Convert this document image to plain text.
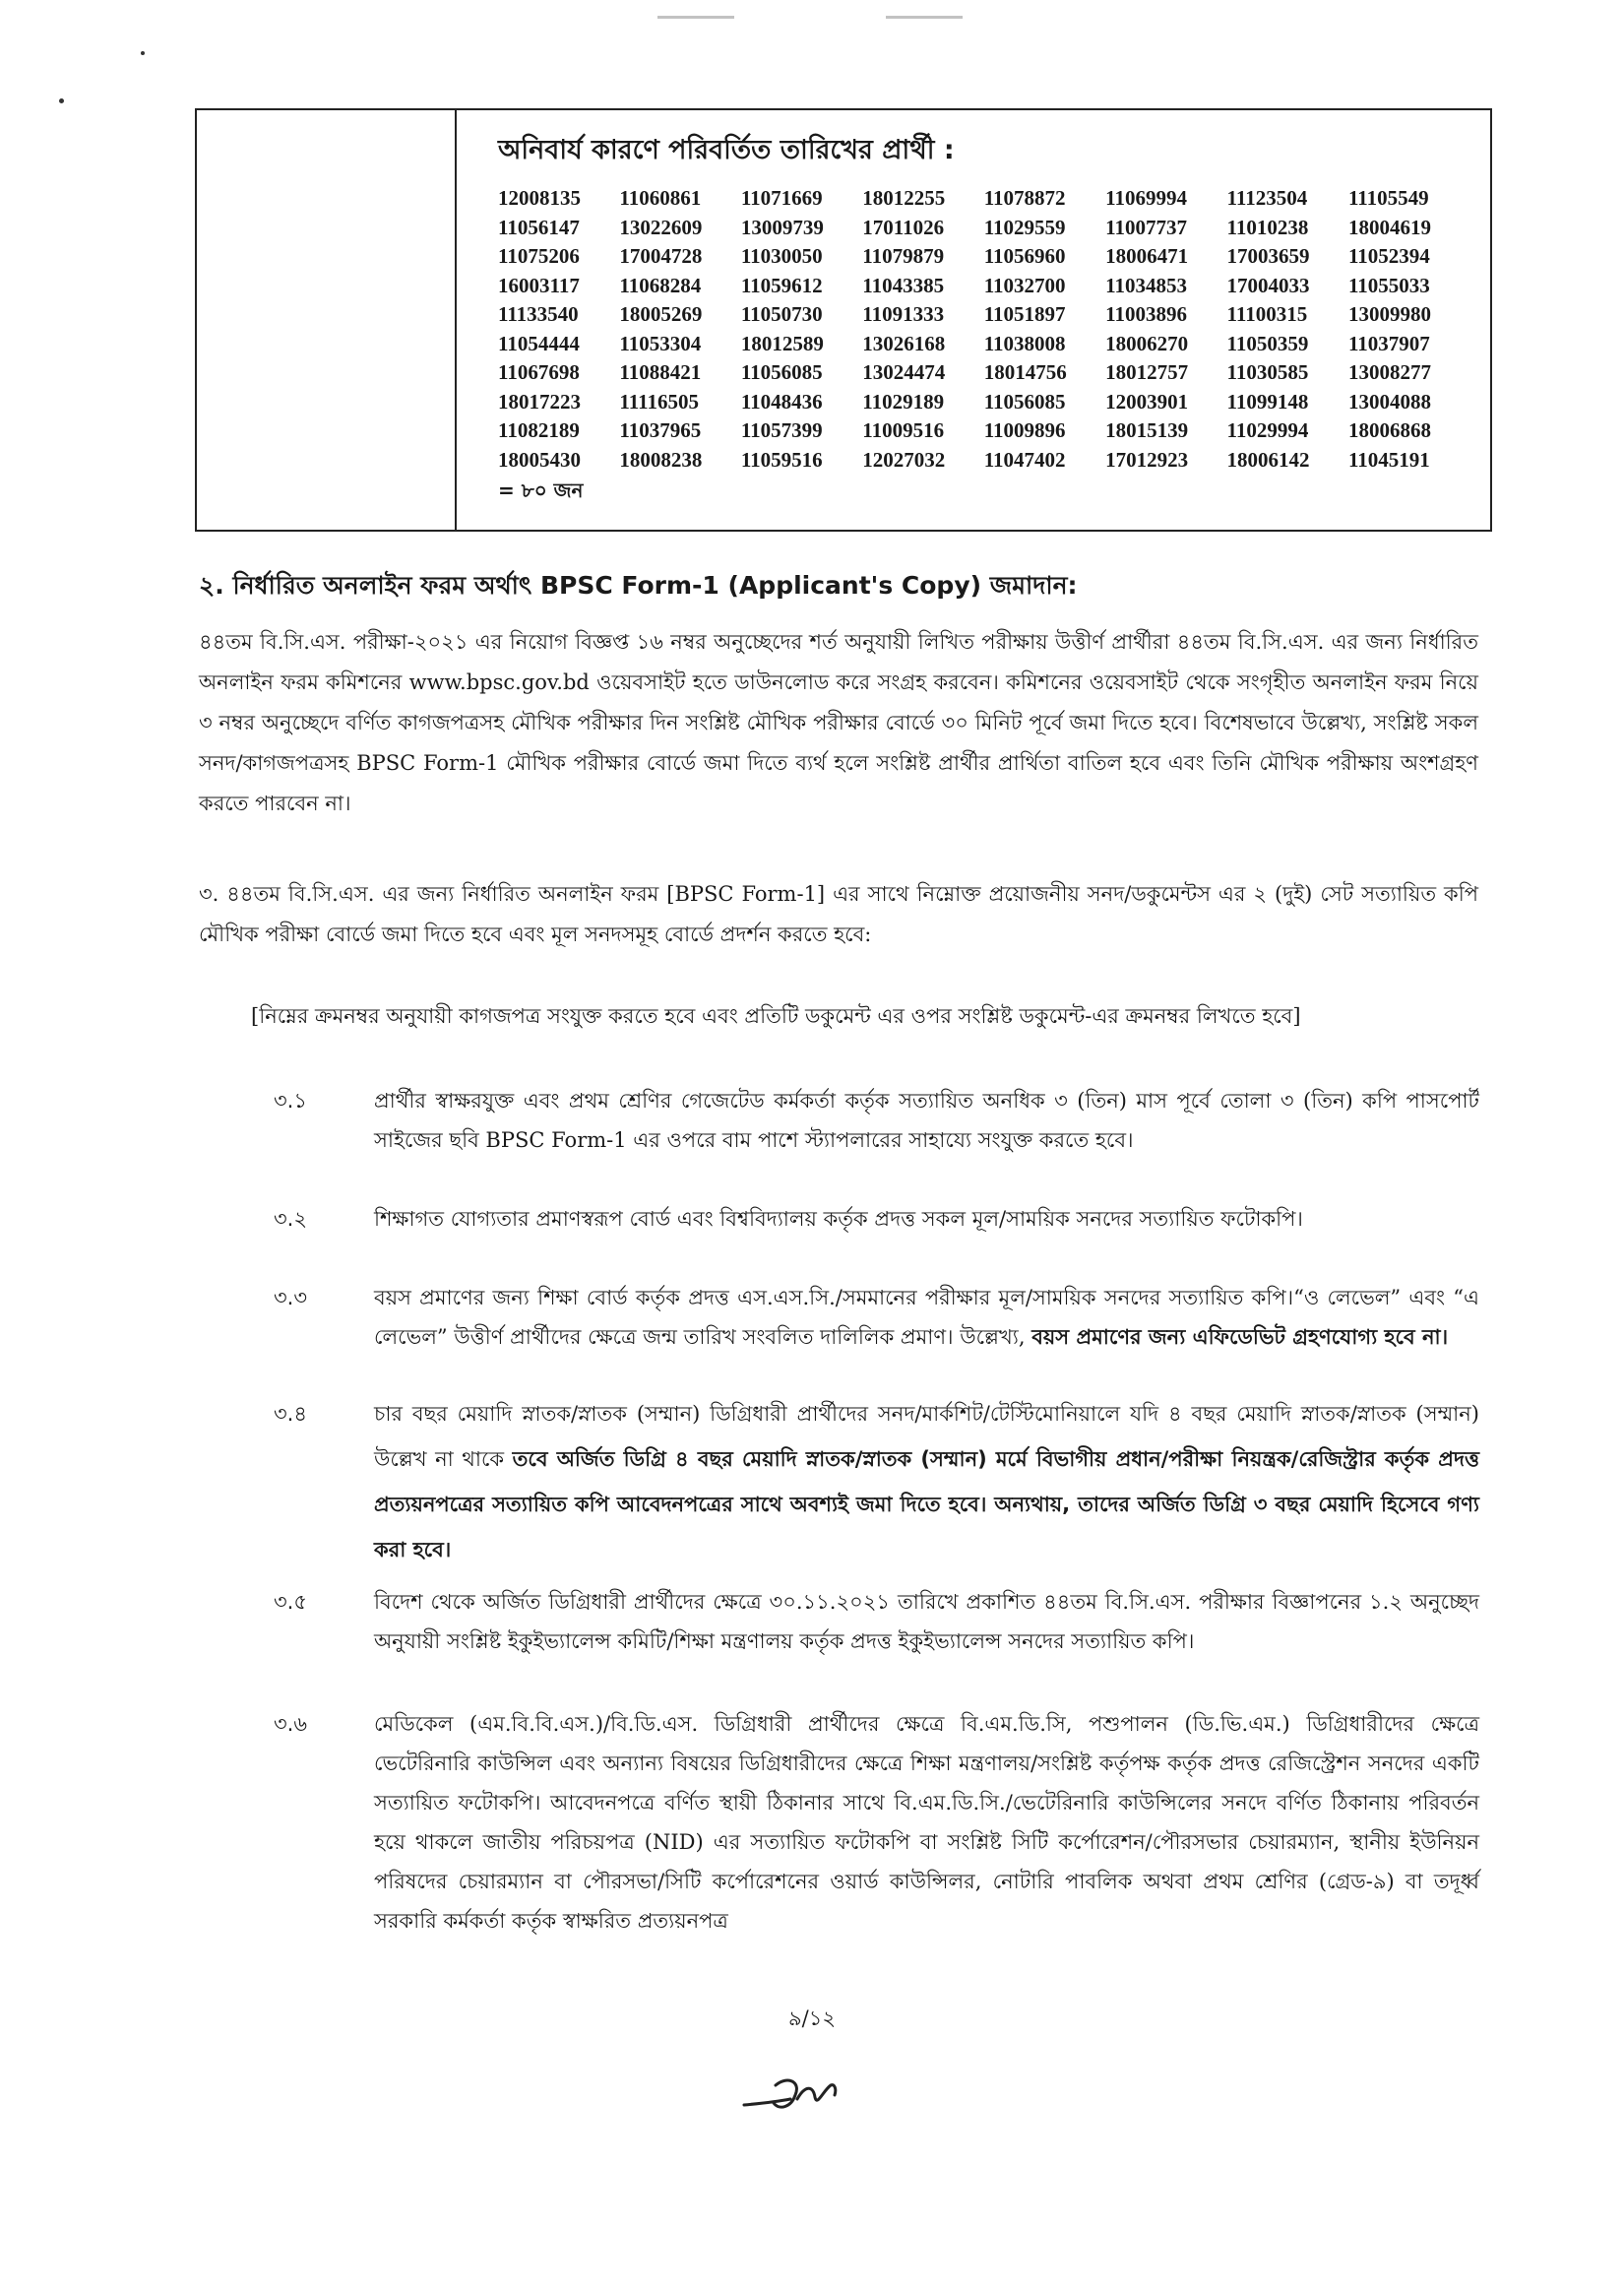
অনিবার্য কারণে পরিবর্তিত তারিখের প্রার্থী :
12008135 11060861 11071669 18012255 11078872 11069994 11123504 11105549
11056147 13022609 13009739 17011026 11029559 11007737 11010238 18004619
11075206 17004728 11030050 11079879 11056960 18006471 17003659 11052394
16003117 11068284 11059612 11043385 11032700 11034853 17004033 11055033
11133540 18005269 11050730 11091333 11051897 11003896 11100315 13009980
11054444 11053304 18012589 13026168 11038008 18006270 11050359 11037907
11067698 11088421 11056085 13024474 18014756 18012757 11030585 13008277
18017223 11116505 11048436 11029189 11056085 12003901 11099148 13004088
11082189 11037965 11057399 11009516 11009896 18015139 11029994 18006868
18005430 18008238 11059516 12027032 11047402 17012923 18006142 11045191
= ৮০ জন
২. নির্ধারিত অনলাইন ফরম অর্থাৎ BPSC Form-1 (Applicant's Copy) জমাদান:
৪৪তম বি.সি.এস. পরীক্ষা-২০২১ এর নিয়োগ বিজ্ঞপ্ত ১৬ নম্বর অনুচ্ছেদের শর্ত অনুযায়ী লিখিত পরীক্ষায় উত্তীর্ণ প্রার্থীরা ৪৪তম বি.সি.এস. এর জন্য নির্ধারিত অনলাইন ফরম কমিশনের www.bpsc.gov.bd ওয়েবসাইট হতে ডাউনলোড করে সংগ্রহ করবেন। কমিশনের ওয়েবসাইট থেকে সংগৃহীত অনলাইন ফরম নিয়ে ৩ নম্বর অনুচ্ছেদে বর্ণিত কাগজপত্রসহ মৌখিক পরীক্ষার দিন সংশ্লিষ্ট মৌখিক পরীক্ষার বোর্ডে ৩০ মিনিট পূর্বে জমা দিতে হবে। বিশেষভাবে উল্লেখ্য, সংশ্লিষ্ট সকল সনদ/কাগজপত্রসহ BPSC Form-1 মৌখিক পরীক্ষার বোর্ডে জমা দিতে ব্যর্থ হলে সংশ্লিষ্ট প্রার্থীর প্রার্থিতা বাতিল হবে এবং তিনি মৌখিক পরীক্ষায় অংশগ্রহণ করতে পারবেন না।
৩. ৪৪তম বি.সি.এস. এর জন্য নির্ধারিত অনলাইন ফরম [BPSC Form-1] এর সাথে নিম্নোক্ত প্রয়োজনীয় সনদ/ডকুমেন্টস এর ২ (দুই) সেট সত্যায়িত কপি মৌখিক পরীক্ষা বোর্ডে জমা দিতে হবে এবং মূল সনদসমূহ বোর্ডে প্রদর্শন করতে হবে:
[নিম্নের ক্রমনম্বর অনুযায়ী কাগজপত্র সংযুক্ত করতে হবে এবং প্রতিটি ডকুমেন্ট এর ওপর সংশ্লিষ্ট ডকুমেন্ট-এর ক্রমনম্বর লিখতে হবে]
৩.১	প্রার্থীর স্বাক্ষরযুক্ত এবং প্রথম শ্রেণির গেজেটেড কর্মকর্তা কর্তৃক সত্যায়িত অনধিক ৩ (তিন) মাস পূর্বে তোলা ৩ (তিন) কপি পাসপোর্ট সাইজের ছবি BPSC Form-1 এর ওপরে বাম পাশে স্ট্যাপলারের সাহায্যে সংযুক্ত করতে হবে।
৩.২	শিক্ষাগত যোগ্যতার প্রমাণস্বরূপ বোর্ড এবং বিশ্ববিদ্যালয় কর্তৃক প্রদত্ত সকল মূল/সাময়িক সনদের সত্যায়িত ফটোকপি।
৩.৩	বয়স প্রমাণের জন্য শিক্ষা বোর্ড কর্তৃক প্রদত্ত এস.এস.সি./সমমানের পরীক্ষার মূল/সাময়িক সনদের সত্যায়িত কপি।“ও লেভেল” এবং “এ লেভেল” উত্তীর্ণ প্রার্থীদের ক্ষেত্রে জন্ম তারিখ সংবলিত দালিলিক প্রমাণ। উল্লেখ্য, বয়স প্রমাণের জন্য এফিডেভিট গ্রহণযোগ্য হবে না।
৩.৪	চার বছর মেয়াদি স্নাতক/স্নাতক (সম্মান) ডিগ্রিধারী প্রার্থীদের সনদ/মার্কশিট/টেস্টিমোনিয়ালে যদি ৪ বছর মেয়াদি স্নাতক/স্নাতক (সম্মান) উল্লেখ না থাকে তবে অর্জিত ডিগ্রি ৪ বছর মেয়াদি স্নাতক/স্নাতক (সম্মান) মর্মে বিভাগীয় প্রধান/পরীক্ষা নিয়ন্ত্রক/রেজিস্ট্রার কর্তৃক প্রদত্ত প্রত্যয়নপত্রের সত্যায়িত কপি আবেদনপত্রের সাথে অবশ্যই জমা দিতে হবে। অন্যথায়, তাদের অর্জিত ডিগ্রি ৩ বছর মেয়াদি হিসেবে গণ্য করা হবে।
৩.৫	বিদেশ থেকে অর্জিত ডিগ্রিধারী প্রার্থীদের ক্ষেত্রে ৩০.১১.২০২১ তারিখে প্রকাশিত ৪৪তম বি.সি.এস. পরীক্ষার বিজ্ঞাপনের ১.২ অনুচ্ছেদ অনুযায়ী সংশ্লিষ্ট ইকুইভ্যালেন্স কমিটি/শিক্ষা মন্ত্রণালয় কর্তৃক প্রদত্ত ইকুইভ্যালেন্স সনদের সত্যায়িত কপি।
৩.৬	মেডিকেল (এম.বি.বি.এস.)/বি.ডি.এস. ডিগ্রিধারী প্রার্থীদের ক্ষেত্রে বি.এম.ডি.সি, পশুপালন (ডি.ভি.এম.) ডিগ্রিধারীদের ক্ষেত্রে ভেটেরিনারি কাউন্সিল এবং অন্যান্য বিষয়ের ডিগ্রিধারীদের ক্ষেত্রে শিক্ষা মন্ত্রণালয়/সংশ্লিষ্ট কর্তৃপক্ষ কর্তৃক প্রদত্ত রেজিস্ট্রেশন সনদের একটি সত্যায়িত ফটোকপি। আবেদনপত্রে বর্ণিত স্থায়ী ঠিকানার সাথে বি.এম.ডি.সি./ভেটেরিনারি কাউন্সিলের সনদে বর্ণিত ঠিকানায় পরিবর্তন হয়ে থাকলে জাতীয় পরিচয়পত্র (NID) এর সত্যায়িত ফটোকপি বা সংশ্লিষ্ট সিটি কর্পোরেশন/পৌরসভার চেয়ারম্যান, স্থানীয় ইউনিয়ন পরিষদের চেয়ারম্যান বা পৌরসভা/সিটি কর্পোরেশনের ওয়ার্ড কাউন্সিলর, নোটারি পাবলিক অথবা প্রথম শ্রেণির (গ্রেড-৯) বা তদূর্ধ্ব সরকারি কর্মকর্তা কর্তৃক স্বাক্ষরিত প্রত্যয়নপত্র
৯/১২
